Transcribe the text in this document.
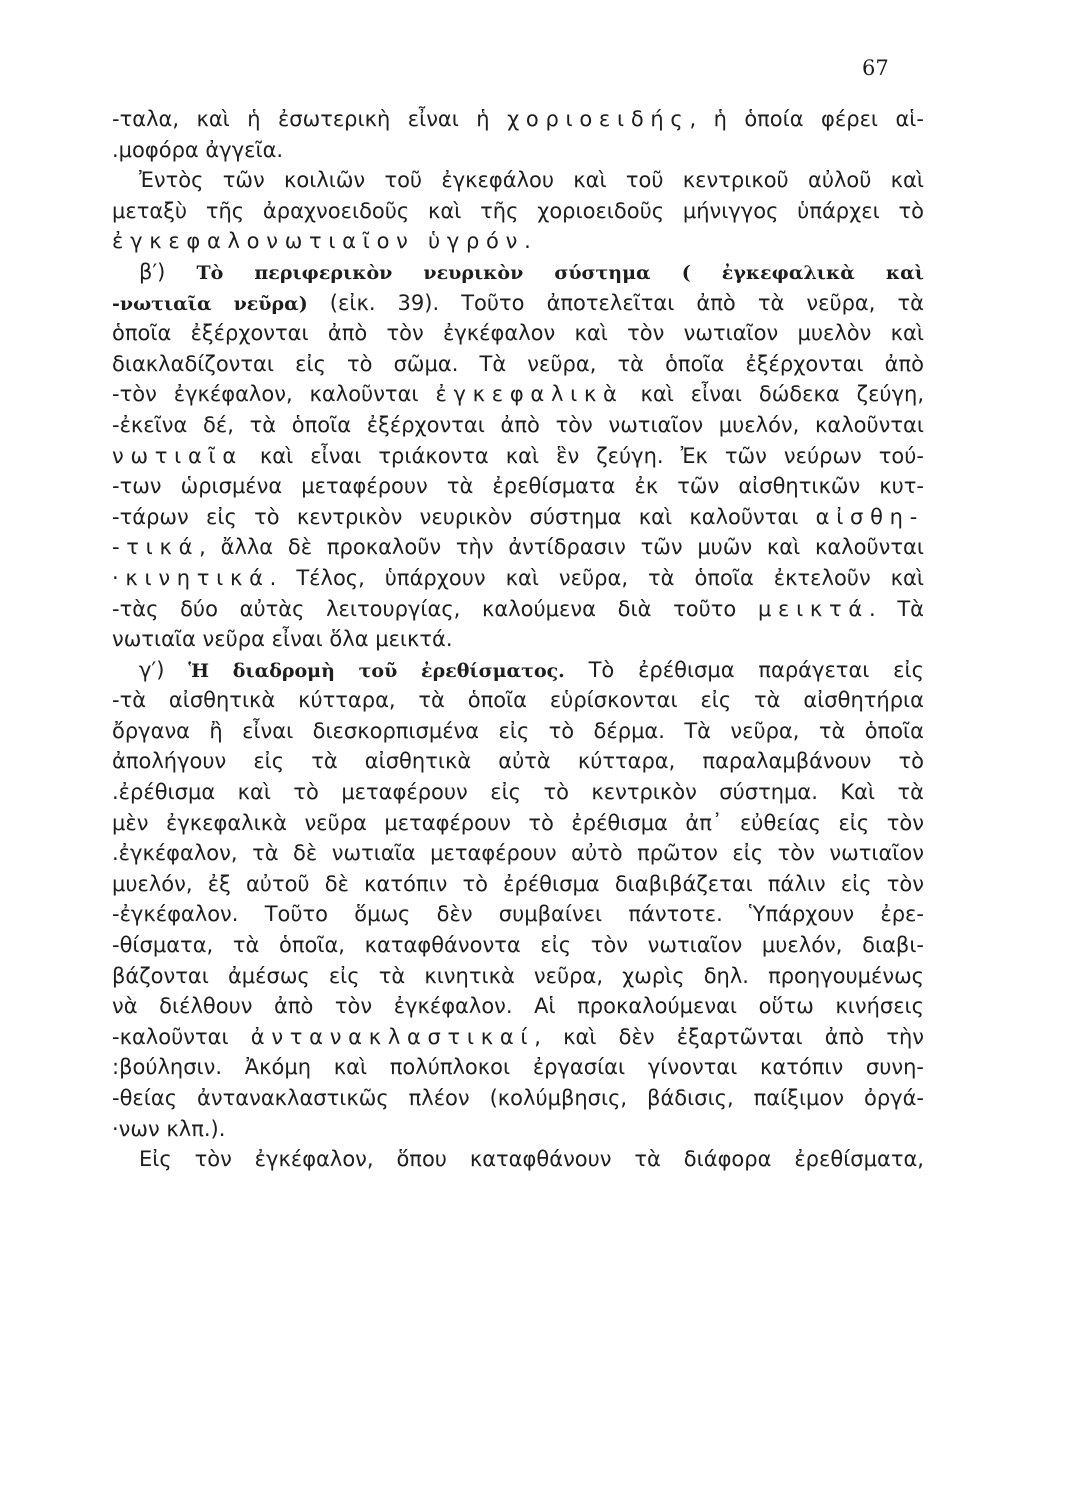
67
-ταλα, καὶ ἡ ἐσωτερικὴ εἶναι ἡ χοριοειδής, ἡ ὁποία φέρει αἱ-
.μοφόρα ἀγγεῖα.
Ἐντὸς τῶν κοιλιῶν τοῦ ἐγκεφάλου καὶ τοῦ κεντρικοῦ αὐλοῦ καὶ
μεταξὺ τῆς ἀραχνοειδοῦς καὶ τῆς χοριοειδοῦς μήνιγγος ὑπάρχει τὸ
ἐγκεφαλονωτιαῖον ὑγρόν.
β′) Τὸ περιφερικὸν νευρικὸν σύστημα ( ἐγκεφαλικὰ καὶ
-νωτιαῖα νεῦρα) (εἰκ. 39). Τοῦτο ἀποτελεῖται ἀπὸ τὰ νεῦρα, τὰ
ὁποῖα ἐξέρχονται ἀπὸ τὸν ἐγκέφαλον καὶ τὸν νωτιαῖον μυελὸν καὶ
διακλαδίζονται εἰς τὸ σῶμα. Τὰ νεῦρα, τὰ ὁποῖα ἐξέρχονται ἀπὸ
-τὸν ἐγκέφαλον, καλοῦνται ἐγκεφαλικὰ καὶ εἶναι δώδεκα ζεύγη,
-ἐκεῖνα δέ, τὰ ὁποῖα ἐξέρχονται ἀπὸ τὸν νωτιαῖον μυελόν, καλοῦνται
νωτιαῖα καὶ εἶναι τριάκοντα καὶ ἓν ζεύγη. Ἐκ τῶν νεύρων τού-
-των ὡρισμένα μεταφέρουν τὰ ἐρεθίσματα ἐκ τῶν αἰσθητικῶν κυτ-
-τάρων εἰς τὸ κεντρικὸν νευρικὸν σύστημα καὶ καλοῦνται αἰσθη-
-τικά, ἄλλα δὲ προκαλοῦν τὴν ἀντίδρασιν τῶν μυῶν καὶ καλοῦνται
·κινητικά. Τέλος, ὑπάρχουν καὶ νεῦρα, τὰ ὁποῖα ἐκτελοῦν καὶ
-τὰς δύο αὐτὰς λειτουργίας, καλούμενα διὰ τοῦτο μεικτά. Τὰ
νωτιαῖα νεῦρα εἶναι ὅλα μεικτά.
γ′) Ἡ διαδρομὴ τοῦ ἐρεθίσματος. Τὸ ἐρέθισμα παράγεται εἰς
-τὰ αἰσθητικὰ κύτταρα, τὰ ὁποῖα εὑρίσκονται εἰς τὰ αἰσθητήρια
ὄργανα ἢ εἶναι διεσκορπισμένα εἰς τὸ δέρμα. Τὰ νεῦρα, τὰ ὁποῖα
ἀπολήγουν εἰς τὰ αἰσθητικὰ αὐτὰ κύτταρα, παραλαμβάνουν τὸ
.ἐρέθισμα καὶ τὸ μεταφέρουν εἰς τὸ κεντρικὸν σύστημα. Καὶ τὰ
μὲν ἐγκεφαλικὰ νεῦρα μεταφέρουν τὸ ἐρέθισμα ἀπ᾽ εὐθείας εἰς τὸν
.ἐγκέφαλον, τὰ δὲ νωτιαῖα μεταφέρουν αὐτὸ πρῶτον εἰς τὸν νωτιαῖον
μυελόν, ἐξ αὐτοῦ δὲ κατόπιν τὸ ἐρέθισμα διαβιβάζεται πάλιν εἰς τὸν
-ἐγκέφαλον. Τοῦτο ὅμως δὲν συμβαίνει πάντοτε. Ὑπάρχουν ἐρε-
-θίσματα, τὰ ὁποῖα, καταφθάνοντα εἰς τὸν νωτιαῖον μυελόν, διαβι-
βάζονται ἀμέσως εἰς τὰ κινητικὰ νεῦρα, χωρὶς δηλ. προηγουμένως
νὰ διέλθουν ἀπὸ τὸν ἐγκέφαλον. Αἱ προκαλούμεναι οὕτω κινήσεις
-καλοῦνται ἀντανακλαστικαί, καὶ δὲν ἐξαρτῶνται ἀπὸ τὴν
:βούλησιν. Ἀκόμη καὶ πολύπλοκοι ἐργασίαι γίνονται κατόπιν συνη-
-θείας ἀντανακλαστικῶς πλέον (κολύμβησις, βάδισις, παίξιμον ὀργά-
·νων κλπ.).
Εἰς τὸν ἐγκέφαλον, ὅπου καταφθάνουν τὰ διάφορα ἐρεθίσματα,
